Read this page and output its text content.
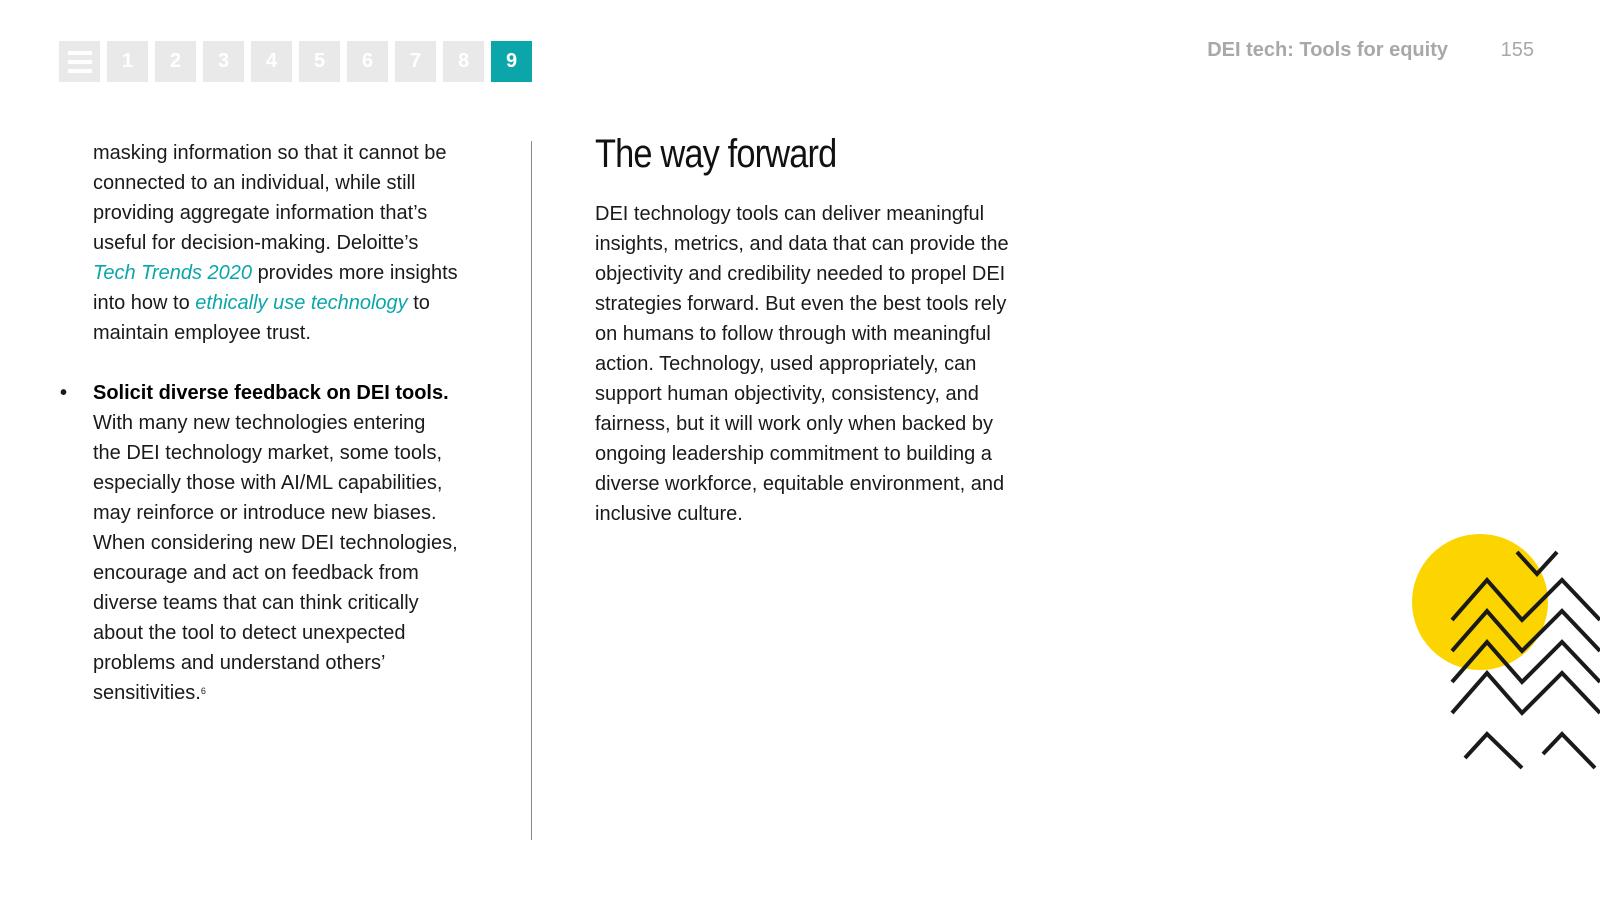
1	2	3	4	5	6	7	8	9	DEI tech: Tools for equity	155

masking information so that it cannot be connected to an individual, while still providing aggregate information that’s useful for decision-making. Deloitte’s Tech Trends 2020 provides more insights into how to ethically use technology to maintain employee trust.

• Solicit diverse feedback on DEI tools. With many new technologies entering the DEI technology market, some tools, especially those with AI/ML capabilities, may reinforce or introduce new biases. When considering new DEI technologies, encourage and act on feedback from diverse teams that can think critically about the tool to detect unexpected problems and understand others’ sensitivities.$^6$
The way forward

DEI technology tools can deliver meaningful insights, metrics, and data that can provide the objectivity and credibility needed to propel DEI strategies forward. But even the best tools rely on humans to follow through with meaningful action. Technology, used appropriately, can support human objectivity, consistency, and fairness, but it will work only when backed by ongoing leadership commitment to building a diverse workforce, equitable environment, and inclusive culture.
